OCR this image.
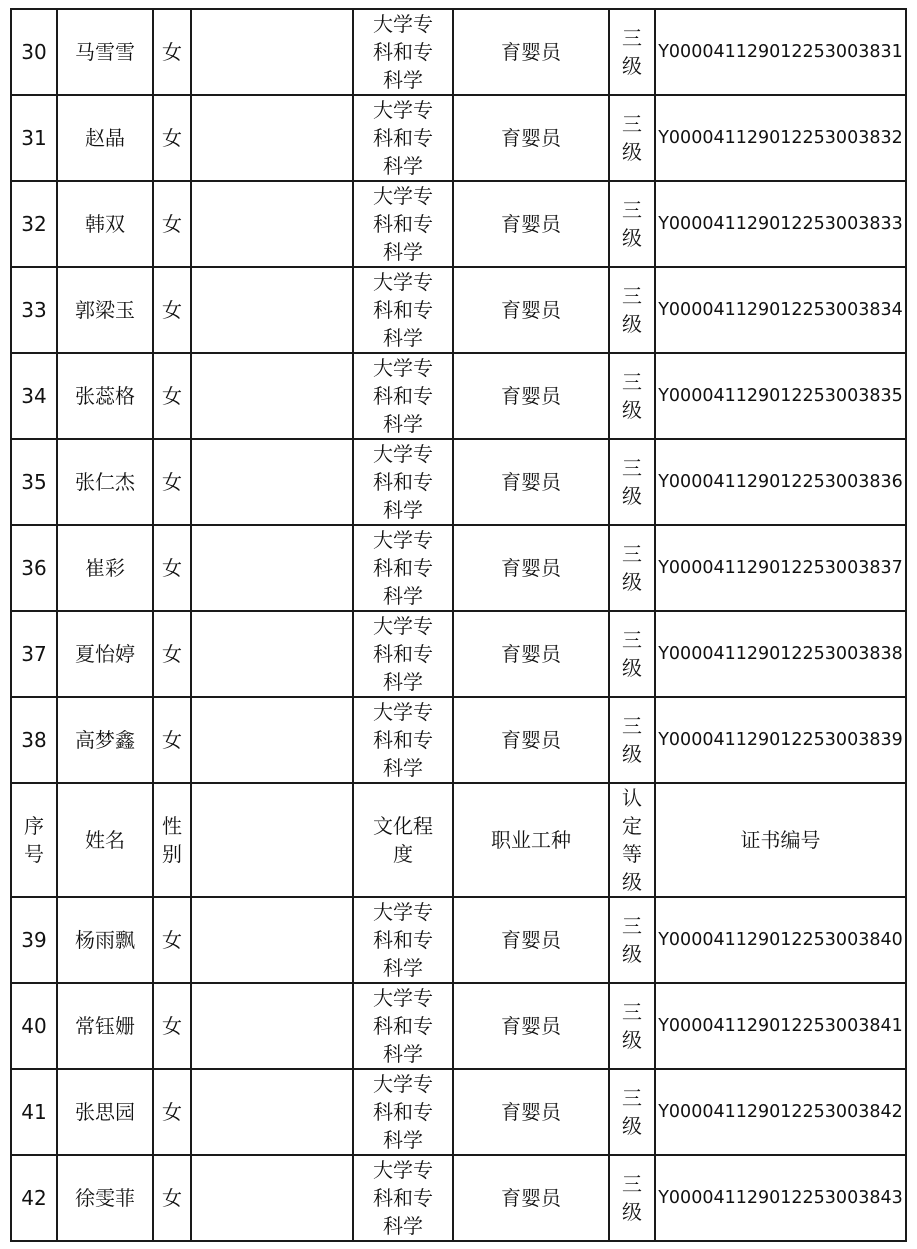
30	马雪雪	女		大学专
科和专
科学	育婴员	三
级	Y000041129012253003831
31	赵晶	女		大学专
科和专
科学	育婴员	三
级	Y000041129012253003832
32	韩双	女		大学专
科和专
科学	育婴员	三
级	Y000041129012253003833
33	郭梁玉	女		大学专
科和专
科学	育婴员	三
级	Y000041129012253003834
34	张蕊格	女		大学专
科和专
科学	育婴员	三
级	Y000041129012253003835
35	张仁杰	女		大学专
科和专
科学	育婴员	三
级	Y000041129012253003836
36	崔彩	女		大学专
科和专
科学	育婴员	三
级	Y000041129012253003837
37	夏怡婷	女		大学专
科和专
科学	育婴员	三
级	Y000041129012253003838
38	高梦鑫	女		大学专
科和专
科学	育婴员	三
级	Y000041129012253003839

序
号	姓名	性
别		文化程
度	职业工种	认
定
等
级	证书编号
39	杨雨飘	女		大学专
科和专
科学	育婴员	三
级	Y000041129012253003840
40	常钰姗	女		大学专
科和专
科学	育婴员	三
级	Y000041129012253003841
41	张思园	女		大学专
科和专
科学	育婴员	三
级	Y000041129012253003842
42	徐雯菲	女		大学专
科和专
科学	育婴员	三
级	Y000041129012253003843
